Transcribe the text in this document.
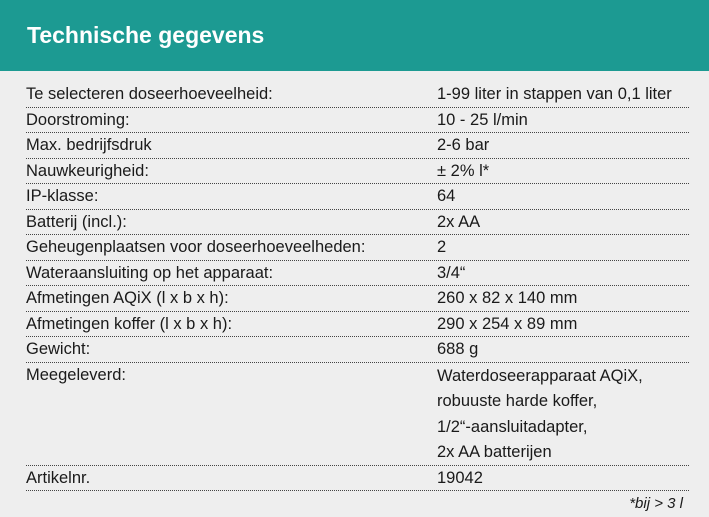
Technische gegevens
Te selecteren doseerhoeveelheid:	1-99 liter in stappen van 0,1 liter
Doorstroming:	10 - 25 l/min
Max. bedrijfsdruk	2-6 bar
Nauwkeurigheid:	± 2% l*
IP-klasse:	64
Batterij (incl.):	2x AA
Geheugenplaatsen voor doseerhoeveelheden:	2
Wateraansluiting op het apparaat:	3/4“
Afmetingen AQiX (l x b x h):	260 x 82 x 140 mm
Afmetingen koffer (l x b x h):	290 x 254 x 89 mm
Gewicht:	688 g
Meegeleverd:	Waterdoseerapparaat AQiX,
robuuste harde koffer,
1/2“-aansluitadapter,
2x AA batterijen
Artikelnr.	19042
*bij > 3 l
